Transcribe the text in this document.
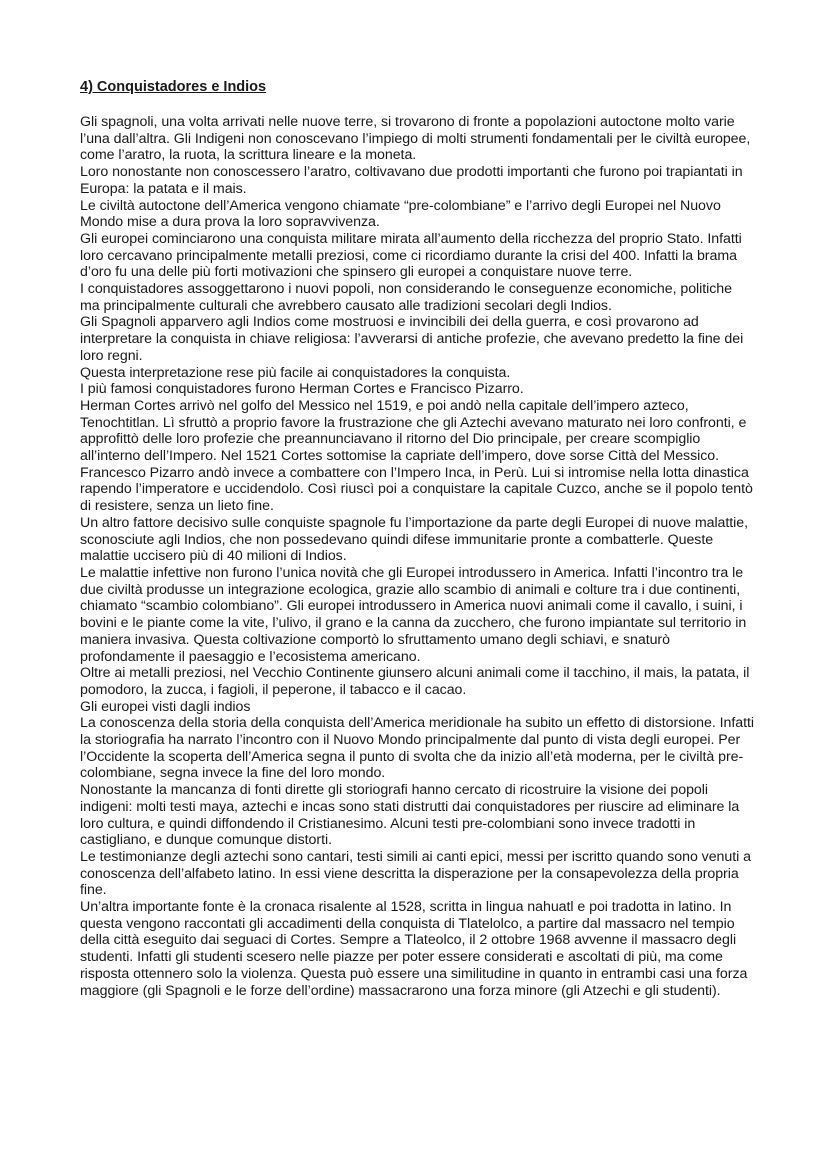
4) Conquistadores e Indios

Gli spagnoli, una volta arrivati nelle nuove terre, si trovarono di fronte a popolazioni autoctone molto varie l’una dall’altra. Gli Indigeni non conoscevano l’impiego di molti strumenti fondamentali per le civiltà europee, come l’aratro, la ruota, la scrittura lineare e la moneta.

Loro nonostante non conoscessero l’aratro, coltivavano due prodotti importanti che furono poi trapiantati in Europa: la patata e il mais.

Le civiltà autoctone dell’America vengono chiamate “pre-colombiane” e l’arrivo degli Europei nel Nuovo Mondo mise a dura prova la loro sopravvivenza.

Gli europei cominciarono una conquista militare mirata all’aumento della ricchezza del proprio Stato. Infatti loro cercavano principalmente metalli preziosi, come ci ricordiamo durante la crisi del 400. Infatti la brama d’oro fu una delle più forti motivazioni che spinsero gli europei a conquistare nuove terre.

I conquistadores assoggettarono i nuovi popoli, non considerando le conseguenze economiche, politiche ma principalmente culturali che avrebbero causato alle tradizioni secolari degli Indios.

Gli Spagnoli apparvero agli Indios come mostruosi e invincibili dei della guerra, e così provarono ad interpretare la conquista in chiave religiosa: l’avverarsi di antiche profezie, che avevano predetto la fine dei loro regni.

Questa interpretazione rese più facile ai conquistadores la conquista.

I più famosi conquistadores furono Herman Cortes e Francisco Pizarro.

Herman Cortes arrivò nel golfo del Messico nel 1519, e poi andò nella capitale dell’impero azteco, Tenochtitlan. Lì sfruttò a proprio favore la frustrazione che gli Aztechi avevano maturato nei loro confronti, e approfittò delle loro profezie che preannunciavano il ritorno del Dio principale, per creare scompiglio all’interno dell’Impero. Nel 1521 Cortes sottomise la capriate dell’impero, dove sorse Città del Messico.

Francesco Pizarro andò invece a combattere con l’Impero Inca, in Perù. Lui si intromise nella lotta dinastica rapendo l’imperatore e uccidendolo. Così riuscì poi a conquistare la capitale Cuzco, anche se il popolo tentò di resistere, senza un lieto fine.

Un altro fattore decisivo sulle conquiste spagnole fu l’importazione da parte degli Europei di nuove malattie, sconosciute agli Indios, che non possedevano quindi difese immunitarie pronte a combatterle. Queste malattie uccisero più di 40 milioni di Indios.

Le malattie infettive non furono l’unica novità che gli Europei introdussero in America. Infatti l’incontro tra le due civiltà produsse un integrazione ecologica, grazie allo scambio di animali e colture tra i due continenti, chiamato “scambio colombiano”. Gli europei introdussero in America nuovi animali come il cavallo, i suini, i bovini e le piante come la vite, l’ulivo, il grano e la canna da zucchero, che furono impiantate sul territorio in maniera invasiva. Questa coltivazione comportò lo sfruttamento umano degli schiavi, e snaturò profondamente il paesaggio e l’ecosistema americano.

Oltre ai metalli preziosi, nel Vecchio Continente giunsero alcuni animali come il tacchino, il mais, la patata, il pomodoro, la zucca, i fagioli, il peperone, il tabacco e il cacao.

Gli europei visti dagli indios

La conoscenza della storia della conquista dell’America meridionale ha subito un effetto di distorsione. Infatti la storiografia ha narrato l’incontro con il Nuovo Mondo principalmente dal punto di vista degli europei. Per l’Occidente la scoperta dell’America segna il punto di svolta che da inizio all’età moderna, per le civiltà pre-colombiane, segna invece la fine del loro mondo.

Nonostante la mancanza di fonti dirette gli storiografi hanno cercato di ricostruire la visione dei popoli indigeni: molti testi maya, aztechi e incas sono stati distrutti dai conquistadores per riuscire ad eliminare la loro cultura, e quindi diffondendo il Cristianesimo. Alcuni testi pre-colombiani sono invece tradotti in castigliano, e dunque comunque distorti.

Le testimonianze degli aztechi sono cantari, testi simili ai canti epici, messi per iscritto quando sono venuti a conoscenza dell’alfabeto latino. In essi viene descritta la disperazione per la consapevolezza della propria fine.

Un’altra importante fonte è la cronaca risalente al 1528, scritta in lingua nahuatl e poi tradotta in latino. In questa vengono raccontati gli accadimenti della conquista di Tlatelolco, a partire dal massacro nel tempio della città eseguito dai seguaci di Cortes. Sempre a Tlateolco, il 2 ottobre 1968 avvenne il massacro degli studenti. Infatti gli studenti scesero nelle piazze per poter essere considerati e ascoltati di più, ma come risposta ottennero solo la violenza. Questa può essere una similitudine in quanto in entrambi casi una forza maggiore (gli Spagnoli e le forze dell’ordine) massacrarono una forza minore (gli Atzechi e gli studenti).
